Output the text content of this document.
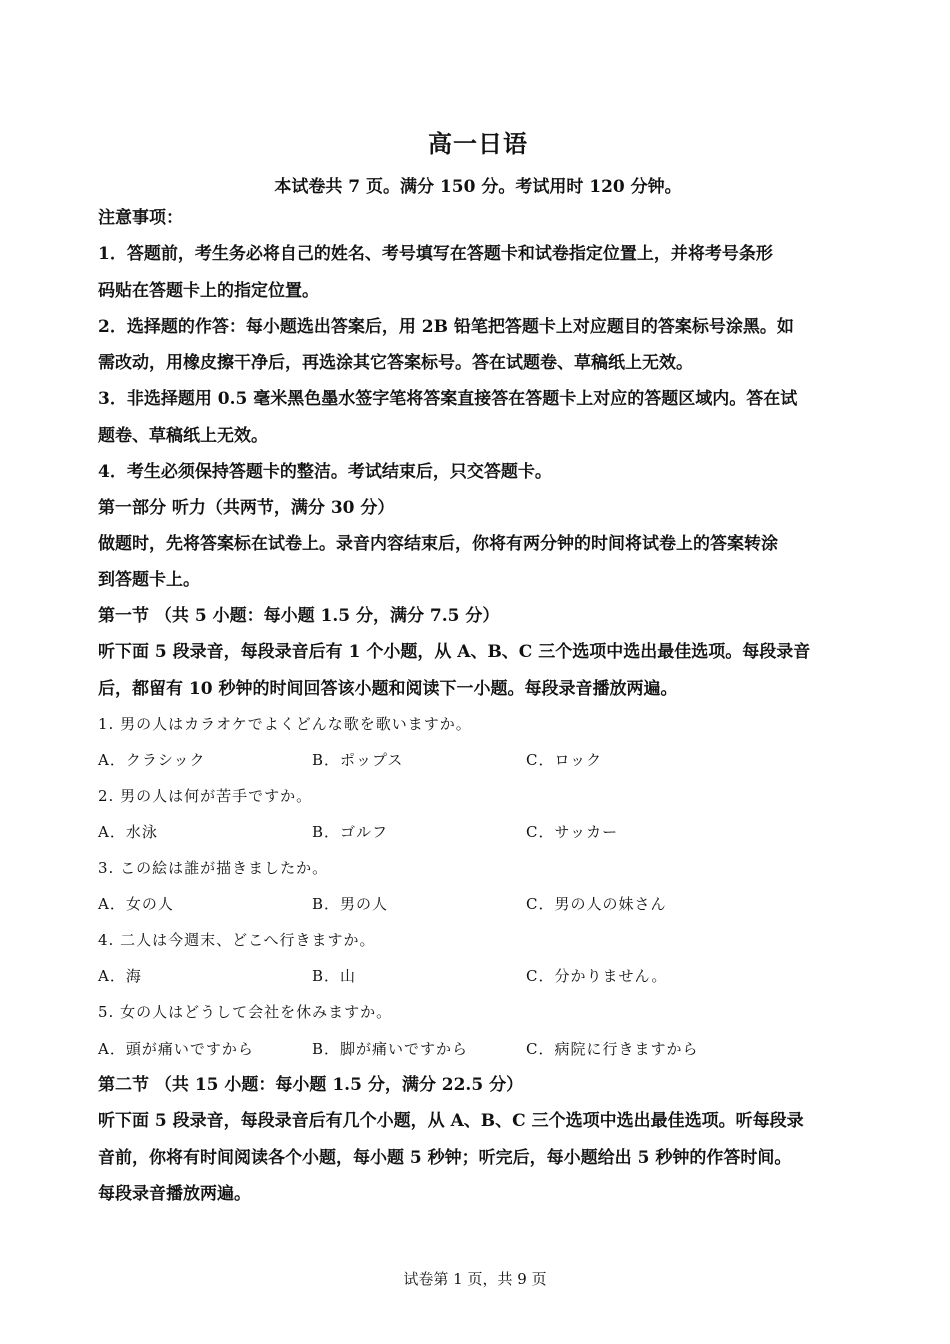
高一日语
本试卷共 7 页。满分 150 分。考试用时 120 分钟。
注意事项：
1．答题前，考生务必将自己的姓名、考号填写在答题卡和试卷指定位置上，并将考号条形
码贴在答题卡上的指定位置。
2．选择题的作答：每小题选出答案后，用 2B 铅笔把答题卡上对应题目的答案标号涂黑。如
需改动，用橡皮擦干净后，再选涂其它答案标号。答在试题卷、草稿纸上无效。
3．非选择题用 0.5 毫米黑色墨水签字笔将答案直接答在答题卡上对应的答题区域内。答在试
题卷、草稿纸上无效。
4．考生必须保持答题卡的整洁。考试结束后，只交答题卡。
第一部分 听力（共两节，满分 30 分）
做题时，先将答案标在试卷上。录音内容结束后，你将有两分钟的时间将试卷上的答案转涂
到答题卡上。
第一节 （共 5 小题：每小题 1.5 分，满分 7.5 分）
听下面 5 段录音，每段录音后有 1 个小题，从 A、B、C 三个选项中选出最佳选项。每段录音
后，都留有 10 秒钟的时间回答该小题和阅读下一小题。每段录音播放两遍。
1. 男の人はカラオケでよくどんな歌を歌いますか。
A．クラシック	B．ポップス	C．ロック
2. 男の人は何が苦手ですか。
A．水泳	B．ゴルフ	C．サッカー
3. この絵は誰が描きましたか。
A．女の人	B．男の人	C．男の人の妹さん
4. 二人は今週末、どこへ行きますか。
A．海	B．山	C．分かりません。
5. 女の人はどうして会社を休みますか。
A．頭が痛いですから	B．脚が痛いですから	C．病院に行きますから
第二节 （共 15 小题：每小题 1.5 分，满分 22.5 分）
听下面 5 段录音，每段录音后有几个小题，从 A、B、C 三个选项中选出最佳选项。听每段录
音前，你将有时间阅读各个小题，每小题 5 秒钟；听完后，每小题给出 5 秒钟的作答时间。
每段录音播放两遍。
试卷第 1 页，共 9 页
